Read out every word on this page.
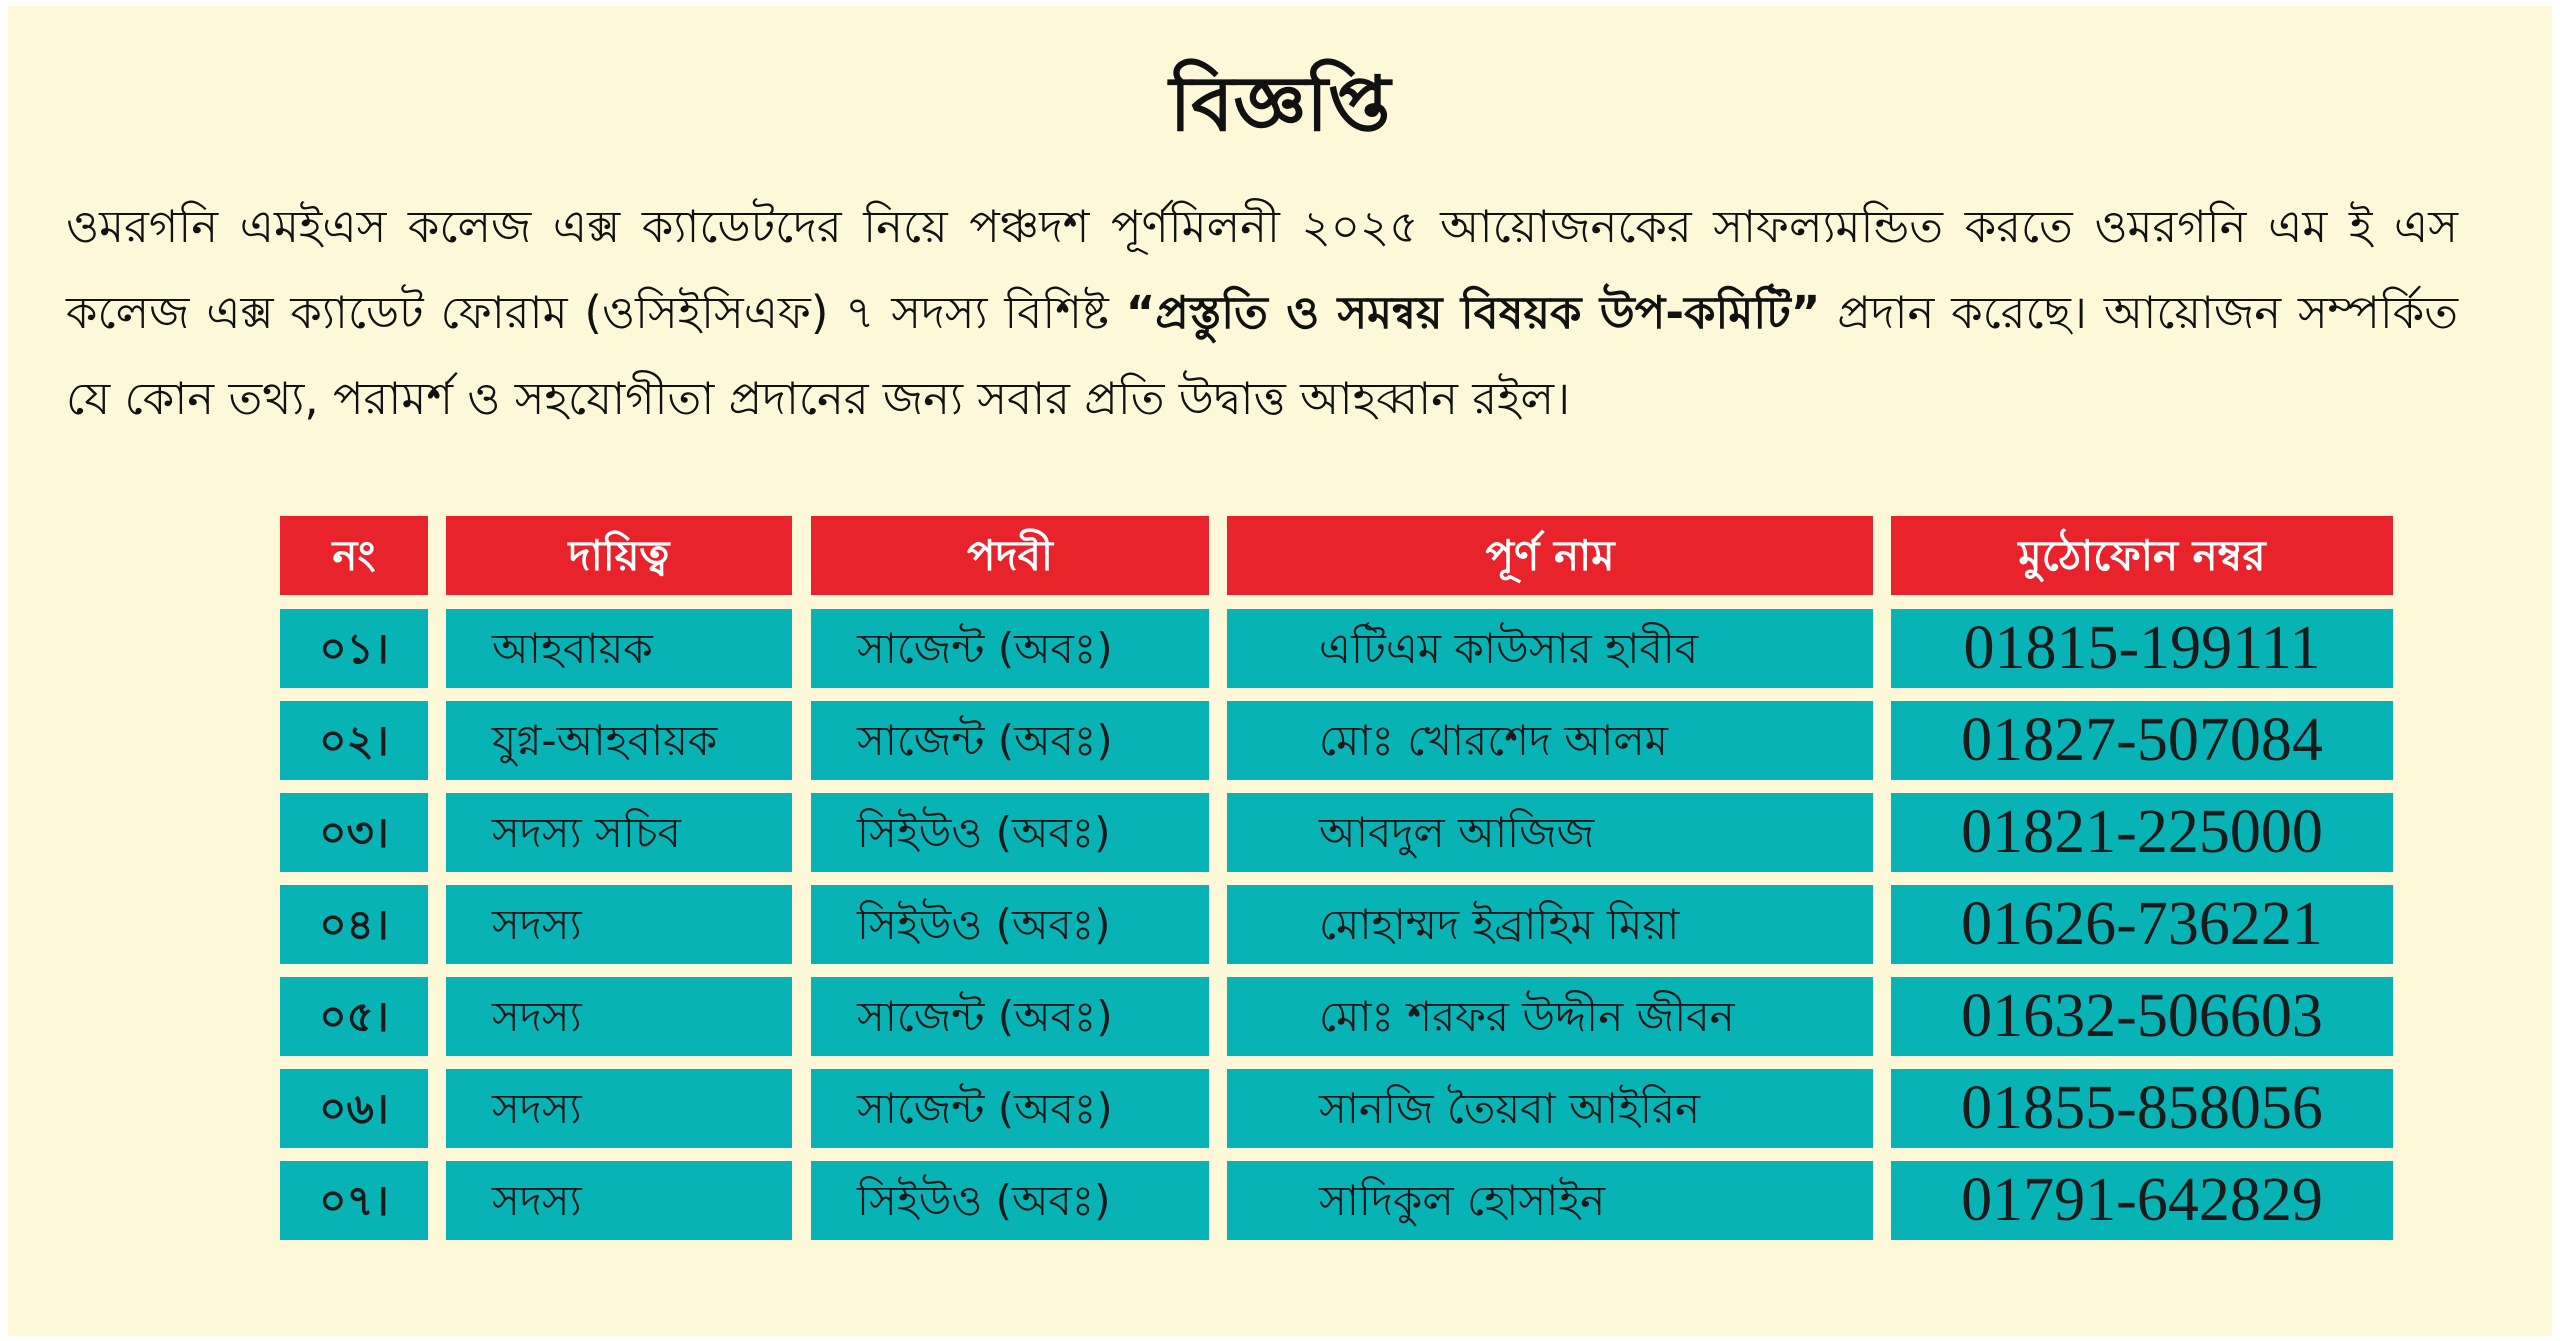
বিজ্ঞপ্তি
ওমরগনি এমইএস কলেজ এক্স ক্যাডেটদের নিয়ে পঞ্চদশ পূর্ণমিলনী ২০২৫ আয়োজনকের সাফল্যমন্ডিত করতে ওমরগনি এম ই এস কলেজ এক্স ক্যাডেট ফোরাম (ওসিইসিএফ) ৭ সদস্য বিশিষ্ট “প্রস্তুতি ও সমন্বয় বিষয়ক উপ-কমিটি” প্রদান করেছে। আয়োজন সম্পর্কিত যে কোন তথ্য, পরামর্শ ও সহযোগীতা প্রদানের জন্য সবার প্রতি উদ্বাত্ত আহব্বান রইল।
নং	দায়িত্ব	পদবী	পূর্ণ নাম	মুঠোফোন নম্বর
০১।	আহবায়ক	সাজেন্ট (অবঃ)	এটিএম কাউসার হাবীব	01815-199111
০২।	যুগ্ন-আহবায়ক	সাজেন্ট (অবঃ)	মোঃ খোরশেদ আলম	01827-507084
০৩।	সদস্য সচিব	সিইউও (অবঃ)	আবদুল আজিজ	01821-225000
০৪।	সদস্য	সিইউও (অবঃ)	মোহাম্মদ ইব্রাহিম মিয়া	01626-736221
০৫।	সদস্য	সাজেন্ট (অবঃ)	মোঃ শরফর উদ্দীন জীবন	01632-506603
০৬।	সদস্য	সাজেন্ট (অবঃ)	সানজি তৈয়বা আইরিন	01855-858056
০৭।	সদস্য	সিইউও (অবঃ)	সাদিকুল হোসাইন	01791-642829
